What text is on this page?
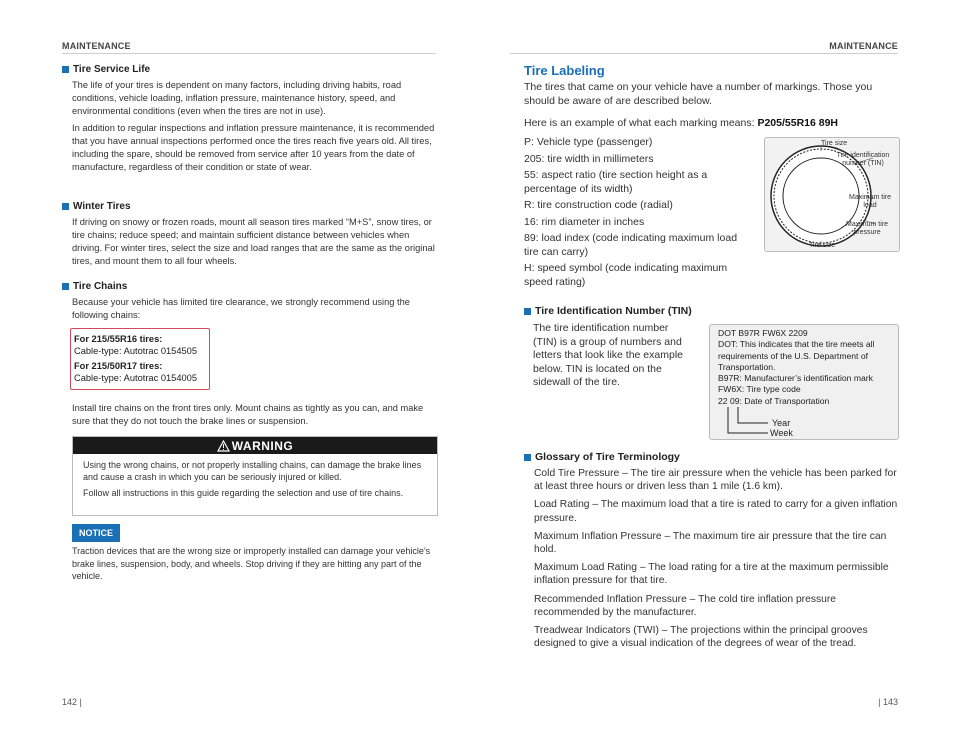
MAINTENANCE
Tire Service Life

The life of your tires is dependent on many factors, including driving habits, road conditions, vehicle loading, inflation pressure, maintenance history, speed, and environmental conditions (even when the tires are not in use).

In addition to regular inspections and inflation pressure maintenance, it is recommended that you have annual inspections performed once the tires reach five years old. All tires, including the spare, should be removed from service after 10 years from the date of manufacture, regardless of their condition or state of wear.

Winter Tires

If driving on snowy or frozen roads, mount all season tires marked “M+S”, snow tires, or tire chains; reduce speed; and maintain sufficient distance between vehicles when driving. For winter tires, select the size and load ranges that are the same as the original tires, and mount them to all four wheels.

Tire Chains

Because your vehicle has limited tire clearance, we strongly recommend using the following chains:

For 215/55R16 tires:
Cable-type: Autotrac 0154505
For 215/50R17 tires:
Cable-type: Autotrac 0154005

Install tire chains on the front tires only. Mount chains as tightly as you can, and make sure that they do not touch the brake lines or suspension.

WARNING

Using the wrong chains, or not properly installing chains, can damage the brake lines and cause a crash in which you can be seriously injured or killed.

Follow all instructions in this guide regarding the selection and use of tire chains.

NOTICE
Traction devices that are the wrong size or improperly installed can damage your vehicle’s brake lines, suspension, body, and wheels. Stop driving if they are hitting any part of the vehicle.
142 |
MAINTENANCE
Tire Labeling
The tires that came on your vehicle have a number of markings. Those you should be aware of are described below.
Here is an example of what each marking means: P205/55R16 89H
P: Vehicle type (passenger)
205: tire width in millimeters
55: aspect ratio (tire section height as a percentage of its width)
R: tire construction code (radial)
16: rim diameter in inches
89: load index (code indicating maximum load tire can carry)
H: speed symbol (code indicating maximum speed rating)
Tire size
Tire identification number (TIN)
Maximum tire load
Maximum tire pressure
Tire size
Tire Identification Number (TIN)
The tire identification number (TIN) is a group of numbers and letters that look like the example below. TIN is located on the sidewall of the tire.
DOT B97R FW6X 2209
DOT: This indicates that the tire meets all requirements of the U.S. Department of Transportation.
B97R: Manufacturer’s identification mark
FW6X: Tire type code
22 09: Date of Transportation
Year
Week
Glossary of Tire Terminology

Cold Tire Pressure – The tire air pressure when the vehicle has been parked for at least three hours or driven less than 1 mile (1.6 km).

Load Rating – The maximum load that a tire is rated to carry for a given inflation pressure.

Maximum Inflation Pressure – The maximum tire air pressure that the tire can hold.

Maximum Load Rating – The load rating for a tire at the maximum permissible inflation pressure for that tire.

Recommended Inflation Pressure – The cold tire inflation pressure recommended by the manufacturer.

Treadwear Indicators (TWI) – The projections within the principal grooves designed to give a visual indication of the degrees of wear of the tread.

| 143
